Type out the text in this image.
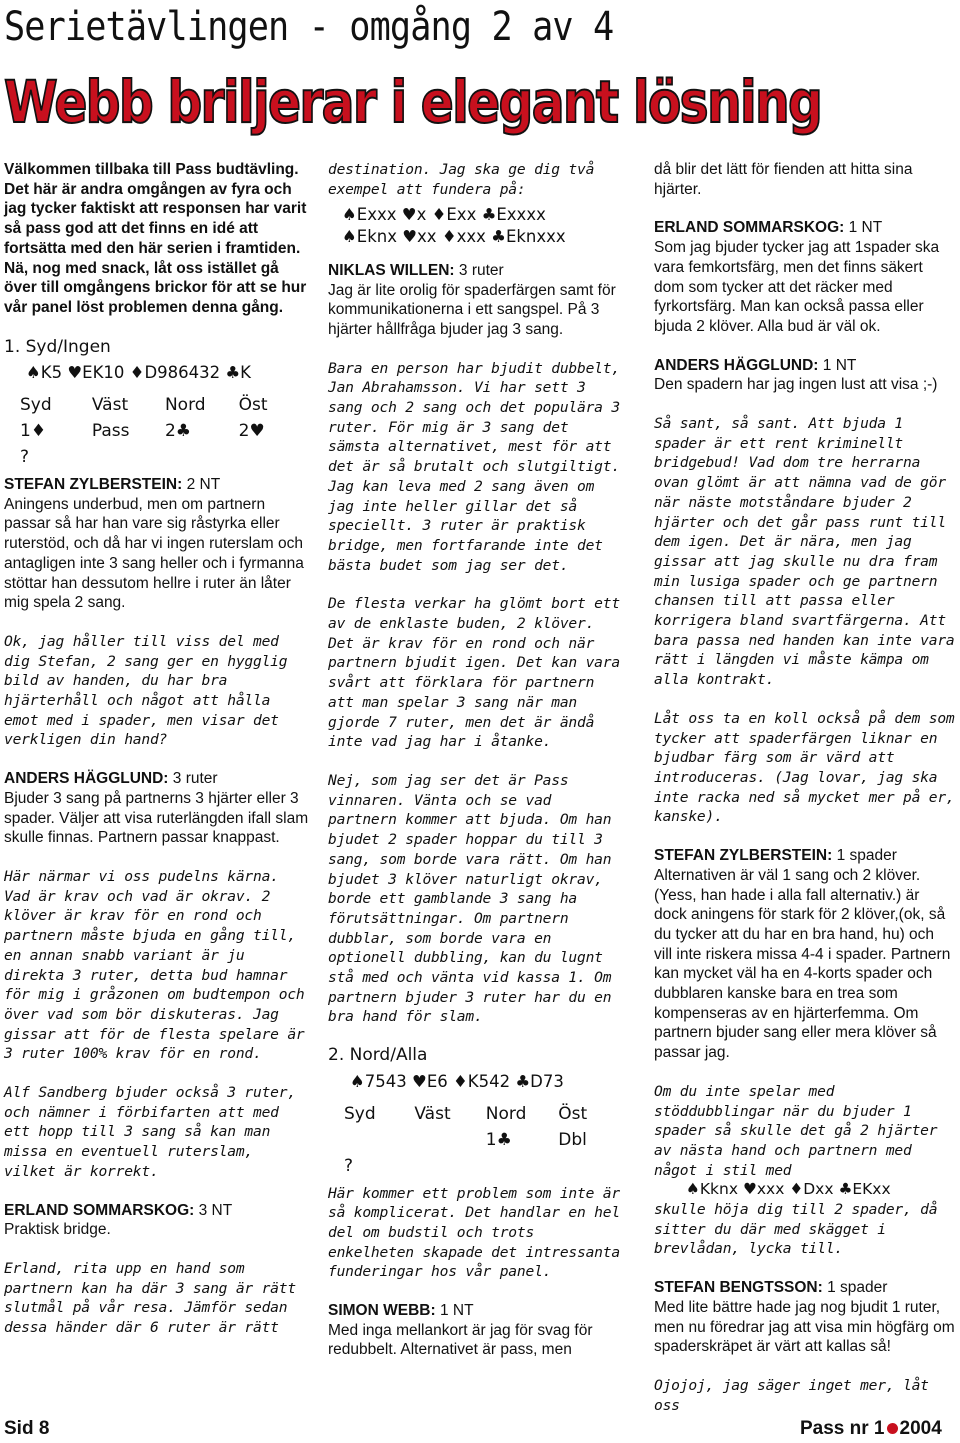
Serietävlingen - omgång 2 av 4
Webb briljerar i elegant lösning
Välkommen tillbaka till Pass budtävling. Det här är andra omgången av fyra och jag tycker faktiskt att responsen har varit så pass god att det finns en idé att fortsätta med den här serien i framtiden. Nä, nog med snack, låt oss istället gå över till omgångens brickor för att se hur vår panel löst problemen denna gång.
1. Syd/Ingen
♠K5 ♥EK10 ♦D986432 ♣K
Syd	Väst	Nord	Öst
1♦	Pass	2♣	2♥
?			
STEFAN ZYLBERSTEIN: 2 NT
Aningens underbud, men om partnern passar så har han vare sig råstyrka eller ruterstöd, och då har vi ingen ruterslam och antagligen inte 3 sang heller och i fyrmanna stöttar han dessutom hellre i ruter än låter mig spela 2 sang.
Ok, jag håller till viss del med dig Stefan, 2 sang ger en hygglig bild av handen, du har bra hjärterhåll och något att hålla emot med i spader, men visar det verkligen din hand?
ANDERS HÄGGLUND: 3 ruter
Bjuder 3 sang på partnerns 3 hjärter eller 3 spader. Väljer att visa ruterlängden ifall slam skulle finnas. Partnern passar knappast.
Här närmar vi oss pudelns kärna. Vad är krav och vad är okrav. 2 klöver är krav för en rond och partnern måste bjuda en gång till, en annan snabb variant är ju direkta 3 ruter, detta bud hamnar för mig i gråzonen om budtempon och över vad som bör diskuteras. Jag gissar att för de flesta spelare är 3 ruter 100% krav för en rond.
Alf Sandberg bjuder också 3 ruter, och nämner i förbifarten att med ett hopp till 3 sang så kan man missa en eventuell ruterslam, vilket är korrekt.
ERLAND SOMMARSKOG: 3 NT
Praktisk bridge.
Erland, rita upp en hand som partnern kan ha där 3 sang är rätt slutmål på vår resa. Jämför sedan dessa händer där 6 ruter är rätt
destination. Jag ska ge dig två exempel att fundera på:
♠Exxx ♥x ♦Exx ♣Exxxx
♠Eknx ♥xx ♦xxx ♣Eknxxx
NIKLAS WILLEN: 3 ruter
Jag är lite orolig för spaderfärgen samt för kommunikationerna i ett sangspel. På 3 hjärter hållfråga bjuder jag 3 sang.
Bara en person har bjudit dubbelt, Jan Abrahamsson. Vi har sett 3 sang och 2 sang och det populära 3 ruter. För mig är 3 sang det sämsta alternativet, mest för att det är så brutalt och slutgiltigt. Jag kan leva med 2 sang även om jag inte heller gillar det så speciellt. 3 ruter är praktisk bridge, men fortfarande inte det bästa budet som jag ser det.
De flesta verkar ha glömt bort ett av de enklaste buden, 2 klöver. Det är krav för en rond och när partnern bjudit igen. Det kan vara svårt att förklara för partnern att man spelar 3 sang när man gjorde 7 ruter, men det är ändå inte vad jag har i åtanke.
Nej, som jag ser det är Pass vinnaren. Vänta och se vad partnern kommer att bjuda. Om han bjudet 2 spader hoppar du till 3 sang, som borde vara rätt. Om han bjudet 3 klöver naturligt okrav, borde ett gamblande 3 sang ha förutsättningar. Om partnern dubblar, som borde vara en optionell dubbling, kan du lugnt stå med och vänta vid kassa 1. Om partnern bjuder 3 ruter har du en bra hand för slam.
2. Nord/Alla
♠7543 ♥E6 ♦K542 ♣D73
Syd	Väst	Nord	Öst
		1♣	Dbl
?			
Här kommer ett problem som inte är så komplicerat. Det handlar en hel del om budstil och trots enkelheten skapade det intressanta funderingar hos vår panel.
SIMON WEBB: 1 NT
Med inga mellankort är jag för svag för redubbelt. Alternativet är pass, men
då blir det lätt för fienden att hitta sina hjärter.
ERLAND SOMMARSKOG: 1 NT
Som jag bjuder tycker jag att 1spader ska vara femkortsfärg, men det finns säkert dom som tycker att det räcker med fyrkortsfärg. Man kan också passa eller bjuda 2 klöver. Alla bud är väl ok.
ANDERS HÄGGLUND: 1 NT
Den spadern har jag ingen lust att visa ;-)
Så sant, så sant. Att bjuda 1 spader är ett rent kriminellt bridgebud! Vad dom tre herrarna ovan glömt är att nämna vad de gör när näste motståndare bjuder 2 hjärter och det går pass runt till dem igen. Det är nära, men jag gissar att jag skulle nu dra fram min lusiga spader och ge partnern chansen till att passa eller korrigera bland svartfärgerna. Att bara passa ned handen kan inte vara rätt i längden vi måste kämpa om alla kontrakt.
Låt oss ta en koll också på dem som tycker att spaderfärgen liknar en bjudbar färg som är värd att introduceras. (Jag lovar, jag ska inte racka ned så mycket mer på er, kanske).
STEFAN ZYLBERSTEIN: 1 spader
Alternativen är väl 1 sang och 2 klöver. (Yess, han hade i alla fall alternativ.) är dock aningens för stark för 2 klöver,(ok, så du tycker att du har en bra hand, hu) och vill inte riskera missa 4-4 i spader. Partnern kan mycket väl ha en 4-korts spader och dubblaren kanske bara en trea som kompenseras av en hjärterfemma. Om partnern bjuder sang eller mera klöver så passar jag.
Om du inte spelar med stöddubblingar när du bjuder 1 spader så skulle det gå 2 hjärter av nästa hand och partnern med något i stil med
♠Kknx ♥xxx ♦Dxx ♣EKxx
skulle höja dig till 2 spader, då sitter du där med skägget i brevlådan, lycka till.
STEFAN BENGTSSON: 1 spader
Med lite bättre hade jag nog bjudit 1 ruter, men nu föredrar jag att visa min högfärg om spaderskräpet är värt att kallas så!
Ojojoj, jag säger inget mer, låt oss
Sid 8	Pass nr 1 2004
